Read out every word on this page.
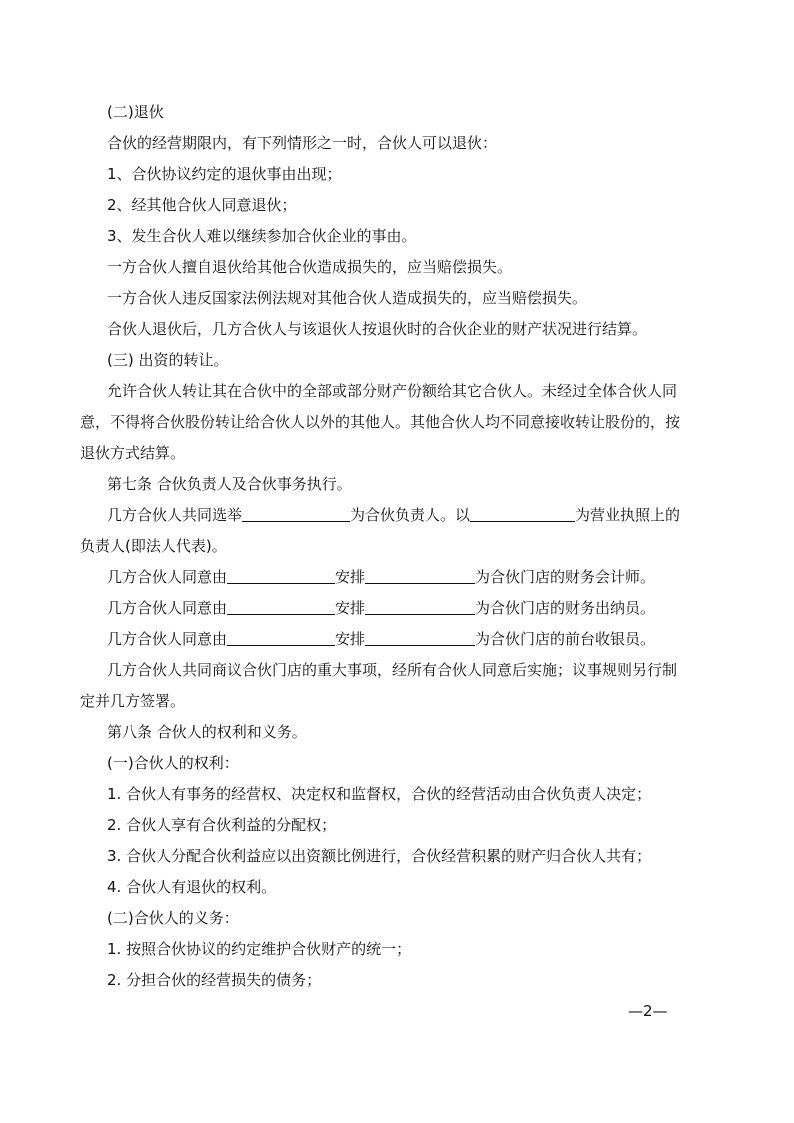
(二)退伙
合伙的经营期限内，有下列情形之一时，合伙人可以退伙：
1、合伙协议约定的退伙事由出现；
2、经其他合伙人同意退伙；
3、发生合伙人难以继续参加合伙企业的事由。
一方合伙人擅自退伙给其他合伙造成损失的，应当赔偿损失。
一方合伙人违反国家法例法规对其他合伙人造成损失的，应当赔偿损失。
合伙人退伙后，几方合伙人与该退伙人按退伙时的合伙企业的财产状况进行结算。
(三) 出资的转让。
允许合伙人转让其在合伙中的全部或部分财产份额给其它合伙人。未经过全体合伙人同
意，不得将合伙股份转让给合伙人以外的其他人。其他合伙人均不同意接收转让股份的，按
退伙方式结算。
第七条 合伙负责人及合伙事务执行。
几方合伙人共同选举	为合伙负责人。以	为营业执照上的
负责人(即法人代表)。
几方合伙人同意由	安排	为合伙门店的财务会计师。
几方合伙人同意由	安排	为合伙门店的财务出纳员。
几方合伙人同意由	安排	为合伙门店的前台收银员。
几方合伙人共同商议合伙门店的重大事项，经所有合伙人同意后实施；议事规则另行制
定并几方签署。
第八条 合伙人的权利和义务。
(一)合伙人的权利：
1. 合伙人有事务的经营权、决定权和监督权，合伙的经营活动由合伙负责人决定；
2. 合伙人享有合伙利益的分配权；
3. 合伙人分配合伙利益应以出资额比例进行，合伙经营积累的财产归合伙人共有；
4. 合伙人有退伙的权利。
(二)合伙人的义务：
1. 按照合伙协议的约定维护合伙财产的统一；
2. 分担合伙的经营损失的债务；
—2—
